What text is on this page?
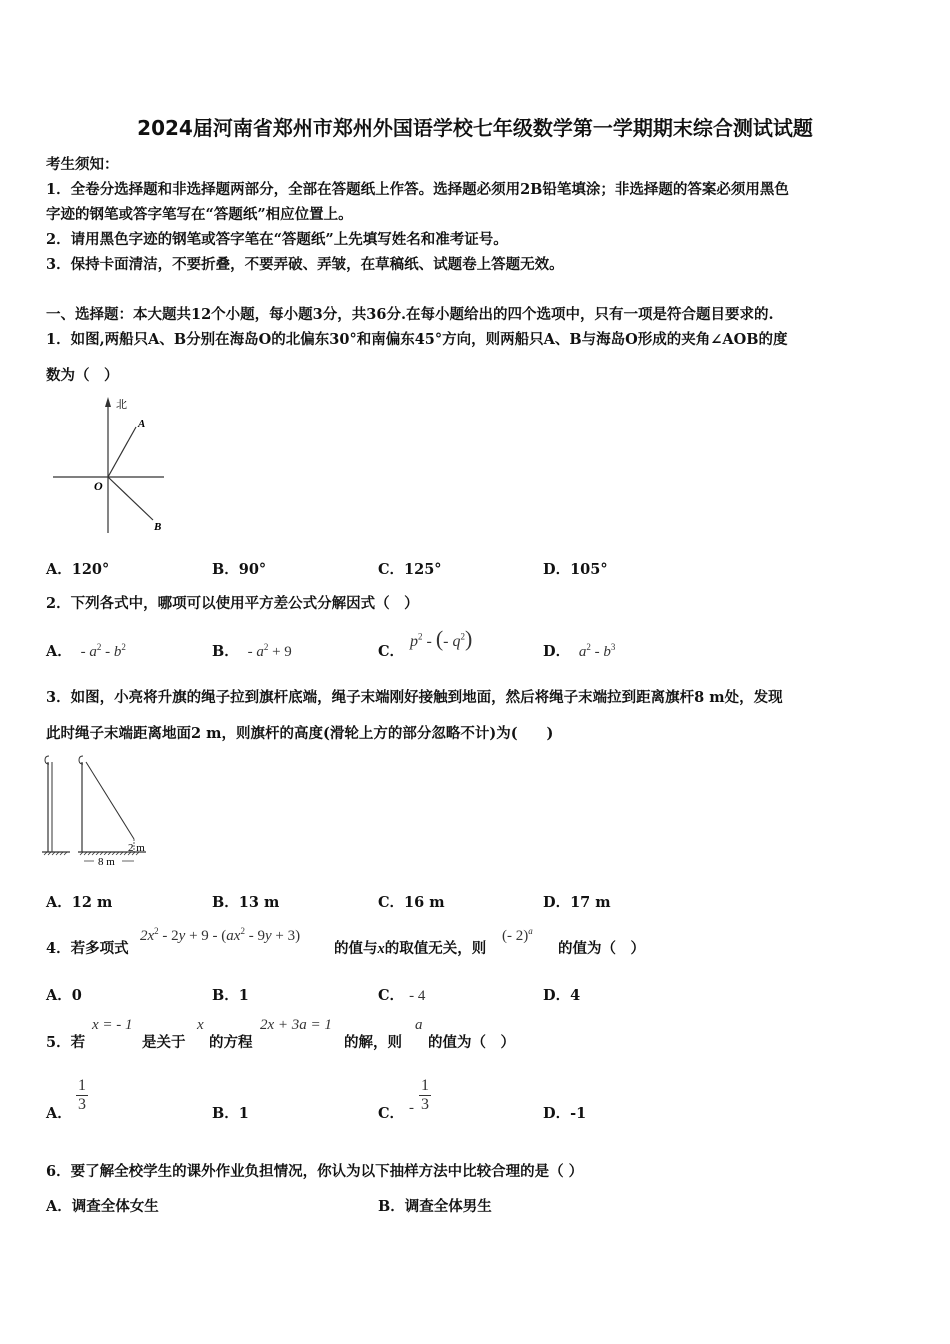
2024届河南省郑州市郑州外国语学校七年级数学第一学期期末综合测试试题
考生须知：
1．全卷分选择题和非选择题两部分，全部在答题纸上作答。选择题必须用2B铅笔填涂；非选择题的答案必须用黑色
字迹的钢笔或答字笔写在“答题纸”相应位置上。
2．请用黑色字迹的钢笔或答字笔在“答题纸”上先填写姓名和准考证号。
3．保持卡面清洁，不要折叠，不要弄破、弄皱，在草稿纸、试题卷上答题无效。
一、选择题：本大题共12个小题，每小题3分，共36分.在每小题给出的四个选项中，只有一项是符合题目要求的.
1．如图,两船只A、B分别在海岛O的北偏东30°和南偏东45°方向，则两船只A、B与海岛O形成的夹角∠AOB的度
数为（　）
北
A
O
B
A．120°	B．90°	C．125°	D．105°
2．下列各式中，哪项可以使用平方差公式分解因式（　）
A．  - $a^2 - b^2$	B．  - $a^2 + 9$	C．
$p^2$ - (- $q^2$)
D． $a^2 - b^3$
3．如图，小亮将升旗的绳子拉到旗杆底端，绳子末端刚好接触到地面，然后将绳子末端拉到距离旗杆8 m处，发现
此时绳子末端距离地面2 m，则旗杆的高度(滑轮上方的部分忽略不计)为(　　)
2 m
8 m
A．12 m	B．13 m	C．16 m	D．17 m
4．若多项式
$2x^2 - 2y + 9 - (ax^2 - 9y + 3)$
的值与x的取值无关，则
(- 2)$^a$
的值为（　）
A．0	B．1	C． - 4	D．4
5．若
x = - 1
是关于
x
的方程
2x + 3a = 1
的解，则
a
的值为（　）
A． $\frac{1}{3}$	B．1	C． - $\frac{1}{3}$	D．-1
6．要了解全校学生的课外作业负担情况，你认为以下抽样方法中比较合理的是（ ）
A．调查全体女生	B．调查全体男生
